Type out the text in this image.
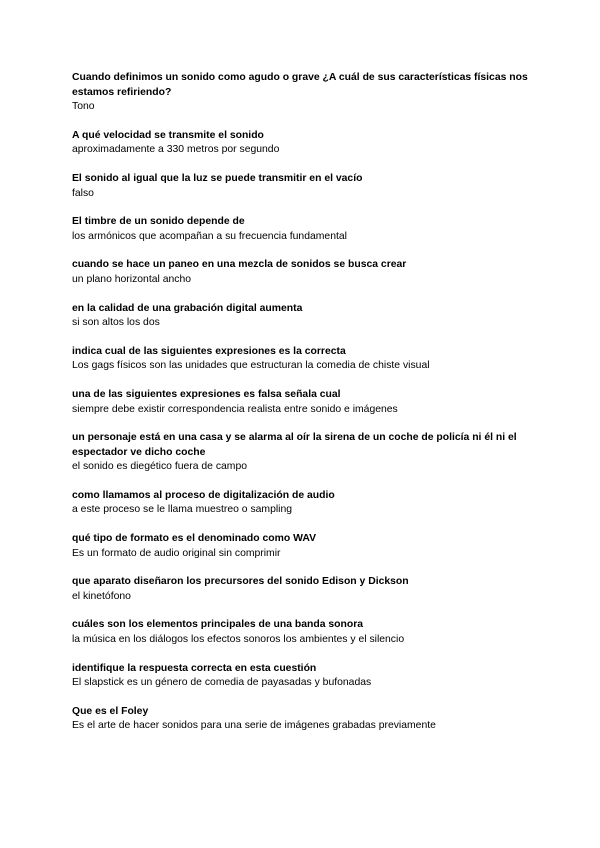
Cuando definimos un sonido como agudo o grave ¿A cuál de sus características físicas nos estamos refiriendo?

Tono

A qué velocidad se transmite el sonido

aproximadamente a 330 metros por segundo

El sonido al igual que la luz se puede transmitir en el vacío

falso

El timbre de un sonido depende de

los armónicos que acompañan a su frecuencia fundamental

cuando se hace un paneo en una mezcla de sonidos se busca crear

un plano horizontal ancho

en la calidad de una grabación digital aumenta

si son altos los dos

indica cual de las siguientes expresiones es la correcta

Los gags físicos son las unidades que estructuran la comedia de chiste visual

una de las siguientes expresiones es falsa señala cual

siempre debe existir correspondencia realista entre sonido e imágenes

un personaje está en una casa y se alarma al oír la sirena de un coche de policía ni él ni el espectador ve dicho coche

el sonido es diegético fuera de campo

como llamamos al proceso de digitalización de audio

a este proceso se le llama muestreo o sampling

qué tipo de formato es el denominado como WAV

Es un formato de audio original sin comprimir

que aparato diseñaron los precursores del sonido Edison y Dickson

el kinetófono

cuáles son los elementos principales de una banda sonora

la música en los diálogos los efectos sonoros los ambientes y el silencio

identifique la respuesta correcta en esta cuestión

El slapstick es un género de comedia de payasadas y bufonadas

Que es el Foley

Es el arte de hacer sonidos para una serie de imágenes grabadas previamente
